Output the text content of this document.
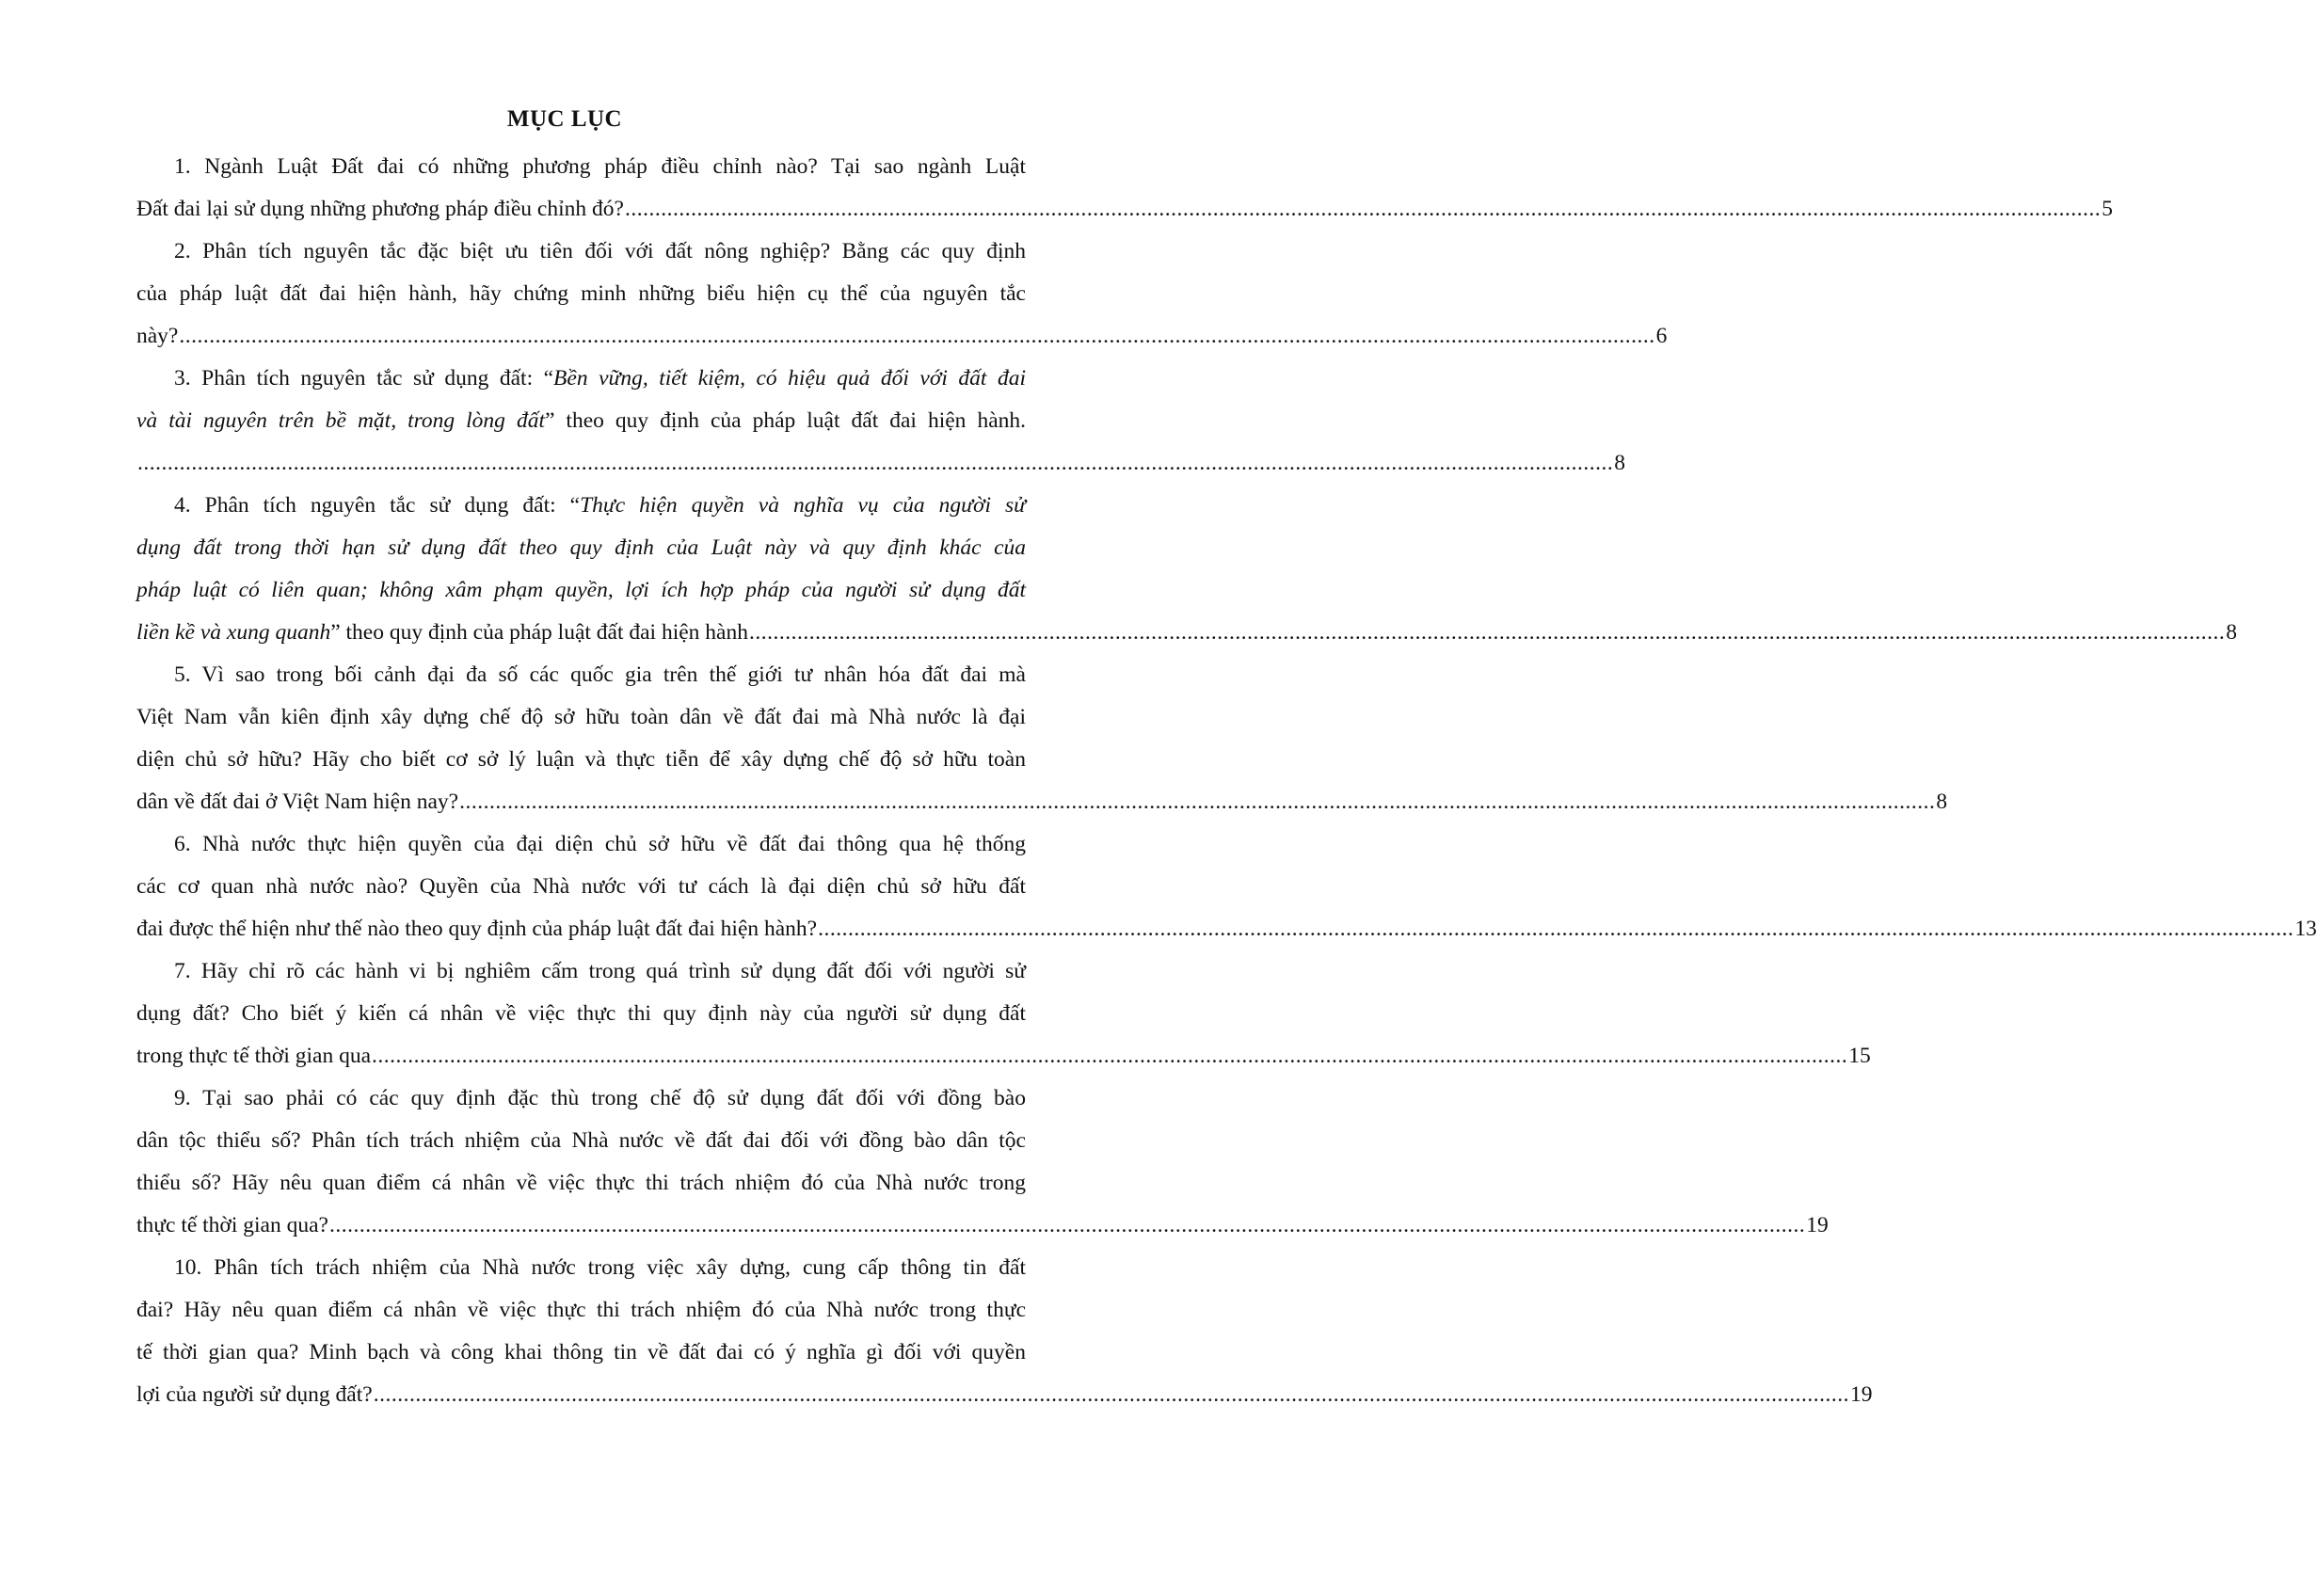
MỤC LỤC
1. Ngành Luật Đất đai có những phương pháp điều chỉnh nào? Tại sao ngành Luật
Đất đai lại sử dụng những phương pháp điều chỉnh đó? ...................................................................................................................................................................................................................................................... 5
2. Phân tích nguyên tắc đặc biệt ưu tiên đối với đất nông nghiệp? Bằng các quy định
của pháp luật đất đai hiện hành, hãy chứng minh những biểu hiện cụ thể của nguyên tắc
này? ...................................................................................................................................................................................................................................................... 6
3. Phân tích nguyên tắc sử dụng đất: “Bền vững, tiết kiệm, có hiệu quả đối với đất đai
và tài nguyên trên bề mặt, trong lòng đất” theo quy định của pháp luật đất đai hiện hành.
...................................................................................................................................................................................................................................................... 8
4. Phân tích nguyên tắc sử dụng đất: “Thực hiện quyền và nghĩa vụ của người sử
dụng đất trong thời hạn sử dụng đất theo quy định của Luật này và quy định khác của
pháp luật có liên quan; không xâm phạm quyền, lợi ích hợp pháp của người sử dụng đất
liền kề và xung quanh” theo quy định của pháp luật đất đai hiện hành ...................................................................................................................................................................................................................................................... 8
5. Vì sao trong bối cảnh đại đa số các quốc gia trên thế giới tư nhân hóa đất đai mà
Việt Nam vẫn kiên định xây dựng chế độ sở hữu toàn dân về đất đai mà Nhà nước là đại
diện chủ sở hữu? Hãy cho biết cơ sở lý luận và thực tiễn để xây dựng chế độ sở hữu toàn
dân về đất đai ở Việt Nam hiện nay? ...................................................................................................................................................................................................................................................... 8
6. Nhà nước thực hiện quyền của đại diện chủ sở hữu về đất đai thông qua hệ thống
các cơ quan nhà nước nào? Quyền của Nhà nước với tư cách là đại diện chủ sở hữu đất
đai được thể hiện như thế nào theo quy định của pháp luật đất đai hiện hành? ...................................................................................................................................................................................................................................................... 13
7. Hãy chỉ rõ các hành vi bị nghiêm cấm trong quá trình sử dụng đất đối với người sử
dụng đất? Cho biết ý kiến cá nhân về việc thực thi quy định này của người sử dụng đất
trong thực tế thời gian qua ...................................................................................................................................................................................................................................................... 15
9. Tại sao phải có các quy định đặc thù trong chế độ sử dụng đất đối với đồng bào
dân tộc thiểu số? Phân tích trách nhiệm của Nhà nước về đất đai đối với đồng bào dân tộc
thiểu số? Hãy nêu quan điểm cá nhân về việc thực thi trách nhiệm đó của Nhà nước trong
thực tế thời gian qua? ...................................................................................................................................................................................................................................................... 19
10. Phân tích trách nhiệm của Nhà nước trong việc xây dựng, cung cấp thông tin đất
đai? Hãy nêu quan điểm cá nhân về việc thực thi trách nhiệm đó của Nhà nước trong thực
tế thời gian qua? Minh bạch và công khai thông tin về đất đai có ý nghĩa gì đối với quyền
lợi của người sử dụng đất? ...................................................................................................................................................................................................................................................... 19
